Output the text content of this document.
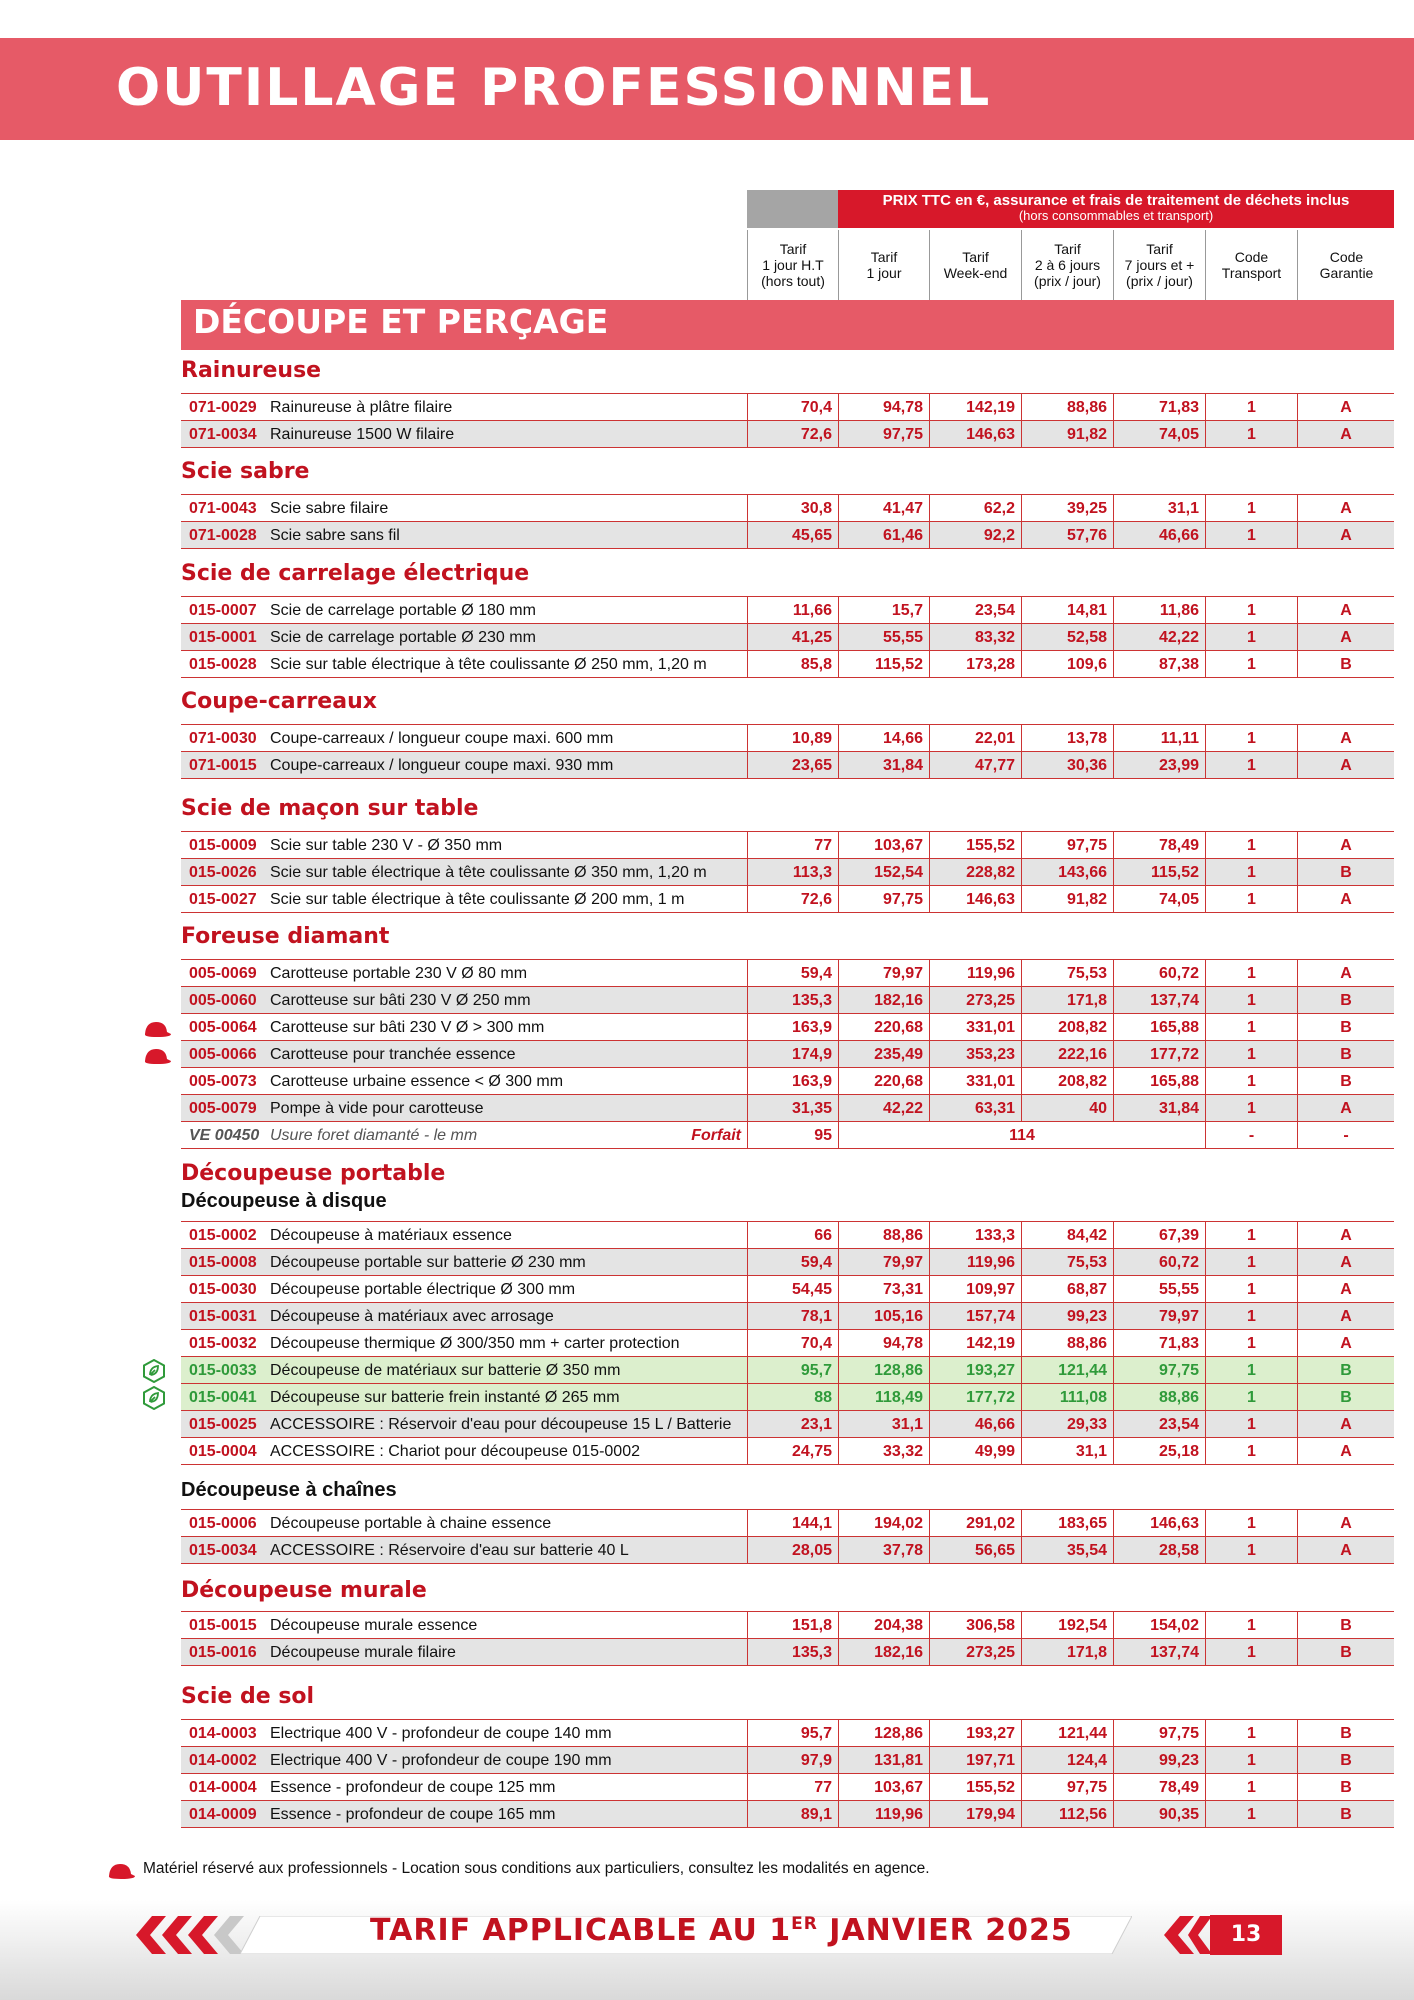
OUTILLAGE PROFESSIONNEL
PRIX TTC en €, assurance et frais de traitement de déchets inclus
(hors consommables et transport)
Tarif
1 jour H.T
(hors tout)
Tarif
1 jour
Tarif
Week-end
Tarif
2 à 6 jours
(prix / jour)
Tarif
7 jours et +
(prix / jour)
Code
Transport
Code
Garantie
DÉCOUPE ET PERÇAGE
Rainureuse
Scie sabre
Scie de carrelage électrique
Coupe-carreaux
Scie de maçon sur table
Foreuse diamant
Découpeuse portable
Découpeuse à disque
Découpeuse à chaînes
Découpeuse murale
Scie de sol
071-0029 Rainureuse à plâtre filaire	70,4	94,78	142,19	88,86	71,83	1	A
071-0034 Rainureuse 1500 W filaire	72,6	97,75	146,63	91,82	74,05	1	A
071-0043 Scie sabre filaire	30,8	41,47	62,2	39,25	31,1	1	A
071-0028 Scie sabre sans fil	45,65	61,46	92,2	57,76	46,66	1	A
015-0007 Scie de carrelage portable Ø 180 mm	11,66	15,7	23,54	14,81	11,86	1	A
015-0001 Scie de carrelage portable Ø 230 mm	41,25	55,55	83,32	52,58	42,22	1	A
015-0028 Scie sur table électrique à tête coulissante Ø 250 mm, 1,20 m	85,8	115,52	173,28	109,6	87,38	1	B
071-0030 Coupe-carreaux / longueur coupe maxi. 600 mm	10,89	14,66	22,01	13,78	11,11	1	A
071-0015 Coupe-carreaux / longueur coupe maxi. 930 mm	23,65	31,84	47,77	30,36	23,99	1	A
015-0009 Scie sur table 230 V - Ø 350 mm	77	103,67	155,52	97,75	78,49	1	A
015-0026 Scie sur table électrique à tête coulissante Ø 350 mm, 1,20 m	113,3	152,54	228,82	143,66	115,52	1	B
015-0027 Scie sur table électrique à tête coulissante Ø 200 mm, 1 m	72,6	97,75	146,63	91,82	74,05	1	A
005-0069 Carotteuse portable 230 V Ø 80 mm	59,4	79,97	119,96	75,53	60,72	1	A
005-0060 Carotteuse sur bâti 230 V Ø 250 mm	135,3	182,16	273,25	171,8	137,74	1	B
005-0064 Carotteuse sur bâti 230 V Ø > 300 mm	163,9	220,68	331,01	208,82	165,88	1	B
005-0066 Carotteuse pour tranchée essence	174,9	235,49	353,23	222,16	177,72	1	B
005-0073 Carotteuse urbaine essence < Ø 300 mm	163,9	220,68	331,01	208,82	165,88	1	B
005-0079 Pompe à vide pour carotteuse	31,35	42,22	63,31	40	31,84	1	A
015-0002 Découpeuse à matériaux essence	66	88,86	133,3	84,42	67,39	1	A
015-0008 Découpeuse portable sur batterie Ø 230 mm	59,4	79,97	119,96	75,53	60,72	1	A
015-0030 Découpeuse portable électrique Ø 300 mm	54,45	73,31	109,97	68,87	55,55	1	A
015-0031 Découpeuse à matériaux avec arrosage	78,1	105,16	157,74	99,23	79,97	1	A
015-0032 Découpeuse thermique Ø 300/350 mm + carter protection	70,4	94,78	142,19	88,86	71,83	1	A
015-0033 Découpeuse de matériaux sur batterie Ø 350 mm	95,7	128,86	193,27	121,44	97,75	1	B
015-0041 Découpeuse sur batterie frein instanté Ø 265 mm	88	118,49	177,72	111,08	88,86	1	B
015-0025 ACCESSOIRE : Réservoir d'eau pour découpeuse 15 L / Batterie	23,1	31,1	46,66	29,33	23,54	1	A
015-0004 ACCESSOIRE : Chariot pour découpeuse 015-0002	24,75	33,32	49,99	31,1	25,18	1	A
015-0006 Découpeuse portable à chaine essence	144,1	194,02	291,02	183,65	146,63	1	A
015-0034 ACCESSOIRE : Réservoire d'eau sur batterie 40 L	28,05	37,78	56,65	35,54	28,58	1	A
015-0015 Découpeuse murale essence	151,8	204,38	306,58	192,54	154,02	1	B
015-0016 Découpeuse murale filaire	135,3	182,16	273,25	171,8	137,74	1	B
014-0003 Electrique 400 V - profondeur de coupe 140 mm	95,7	128,86	193,27	121,44	97,75	1	B
014-0002 Electrique 400 V - profondeur de coupe 190 mm	97,9	131,81	197,71	124,4	99,23	1	B
014-0004 Essence - profondeur de coupe 125 mm	77	103,67	155,52	97,75	78,49	1	B
014-0009 Essence - profondeur de coupe 165 mm	89,1	119,96	179,94	112,56	90,35	1	B
VE 00450 Usure foret diamanté - le mm	Forfait	95	114	-	-
Matériel réservé aux professionnels - Location sous conditions aux particuliers, consultez les modalités en agence.
TARIF APPLICABLE AU 1ER JANVIER 2025	13
